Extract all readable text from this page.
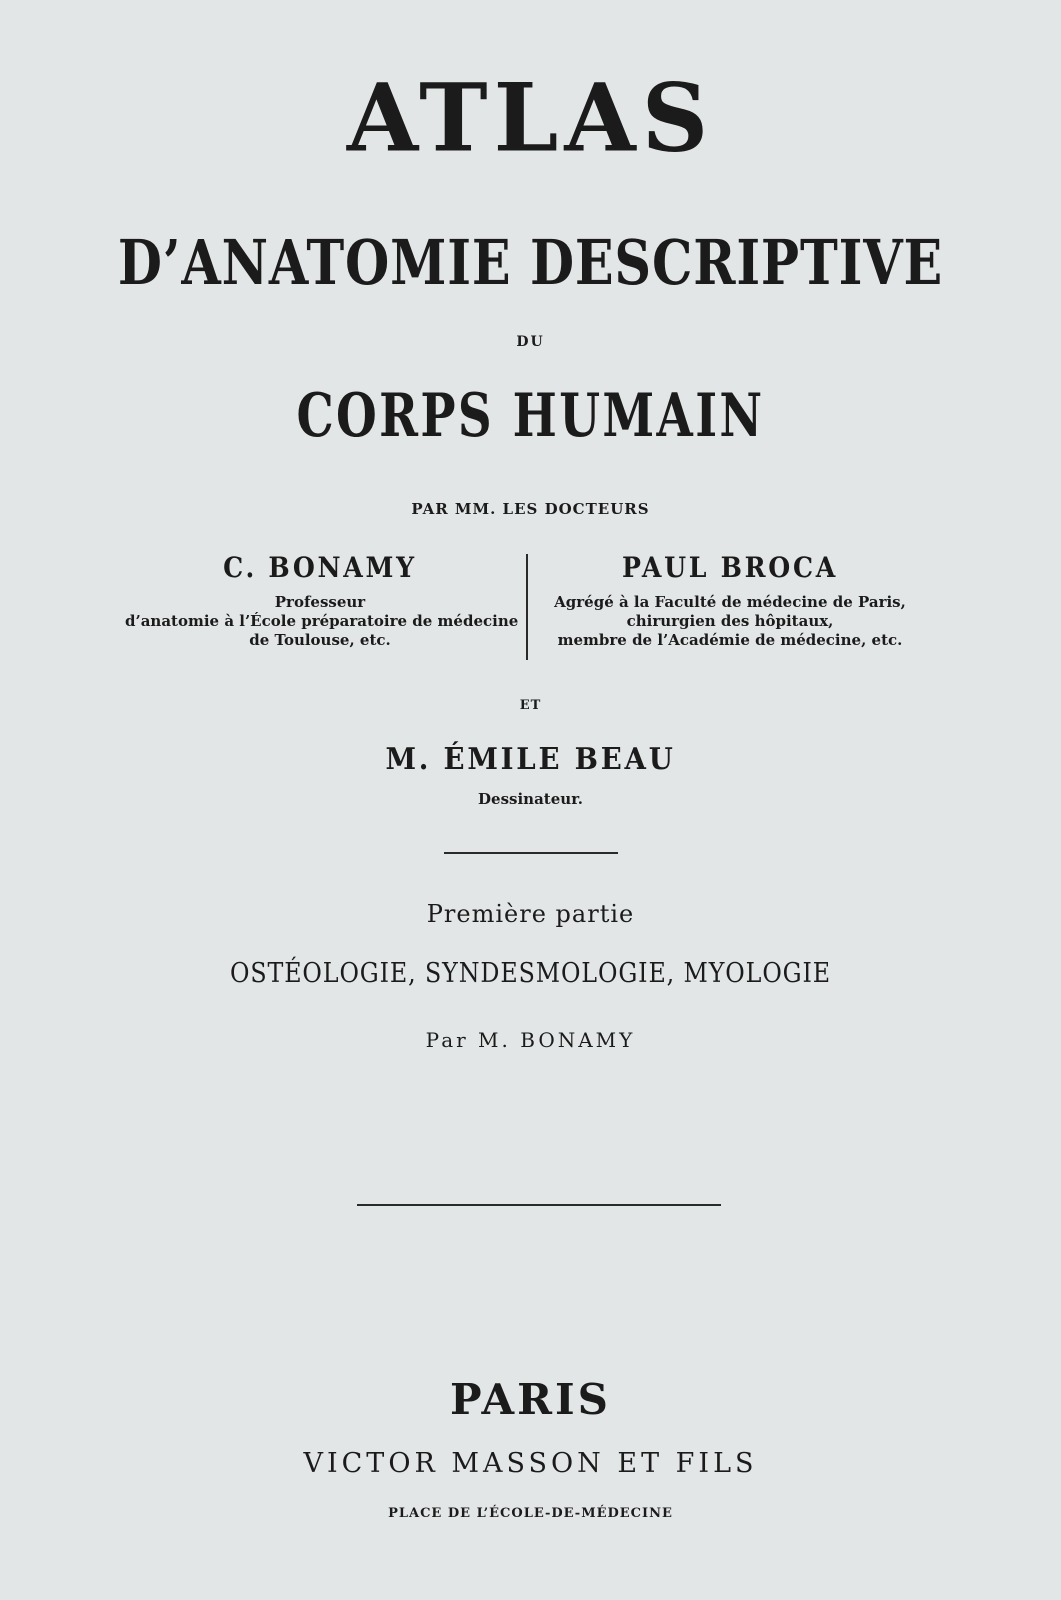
ATLAS
D’ANATOMIE DESCRIPTIVE
DU
CORPS HUMAIN
PAR MM. LES DOCTEURS
C. BONAMY
Professeur
d’anatomie à l’École préparatoire de médecine
de Toulouse, etc.
PAUL BROCA
Agrégé à la Faculté de médecine de Paris,
chirurgien des hôpitaux,
membre de l’Académie de médecine, etc.
ET
M. ÉMILE BEAU
Dessinateur.
Première partie
OSTÉOLOGIE, SYNDESMOLOGIE, MYOLOGIE
Par M. BONAMY
PARIS
VICTOR MASSON ET FILS
PLACE DE L’ÉCOLE-DE-MÉDECINE
